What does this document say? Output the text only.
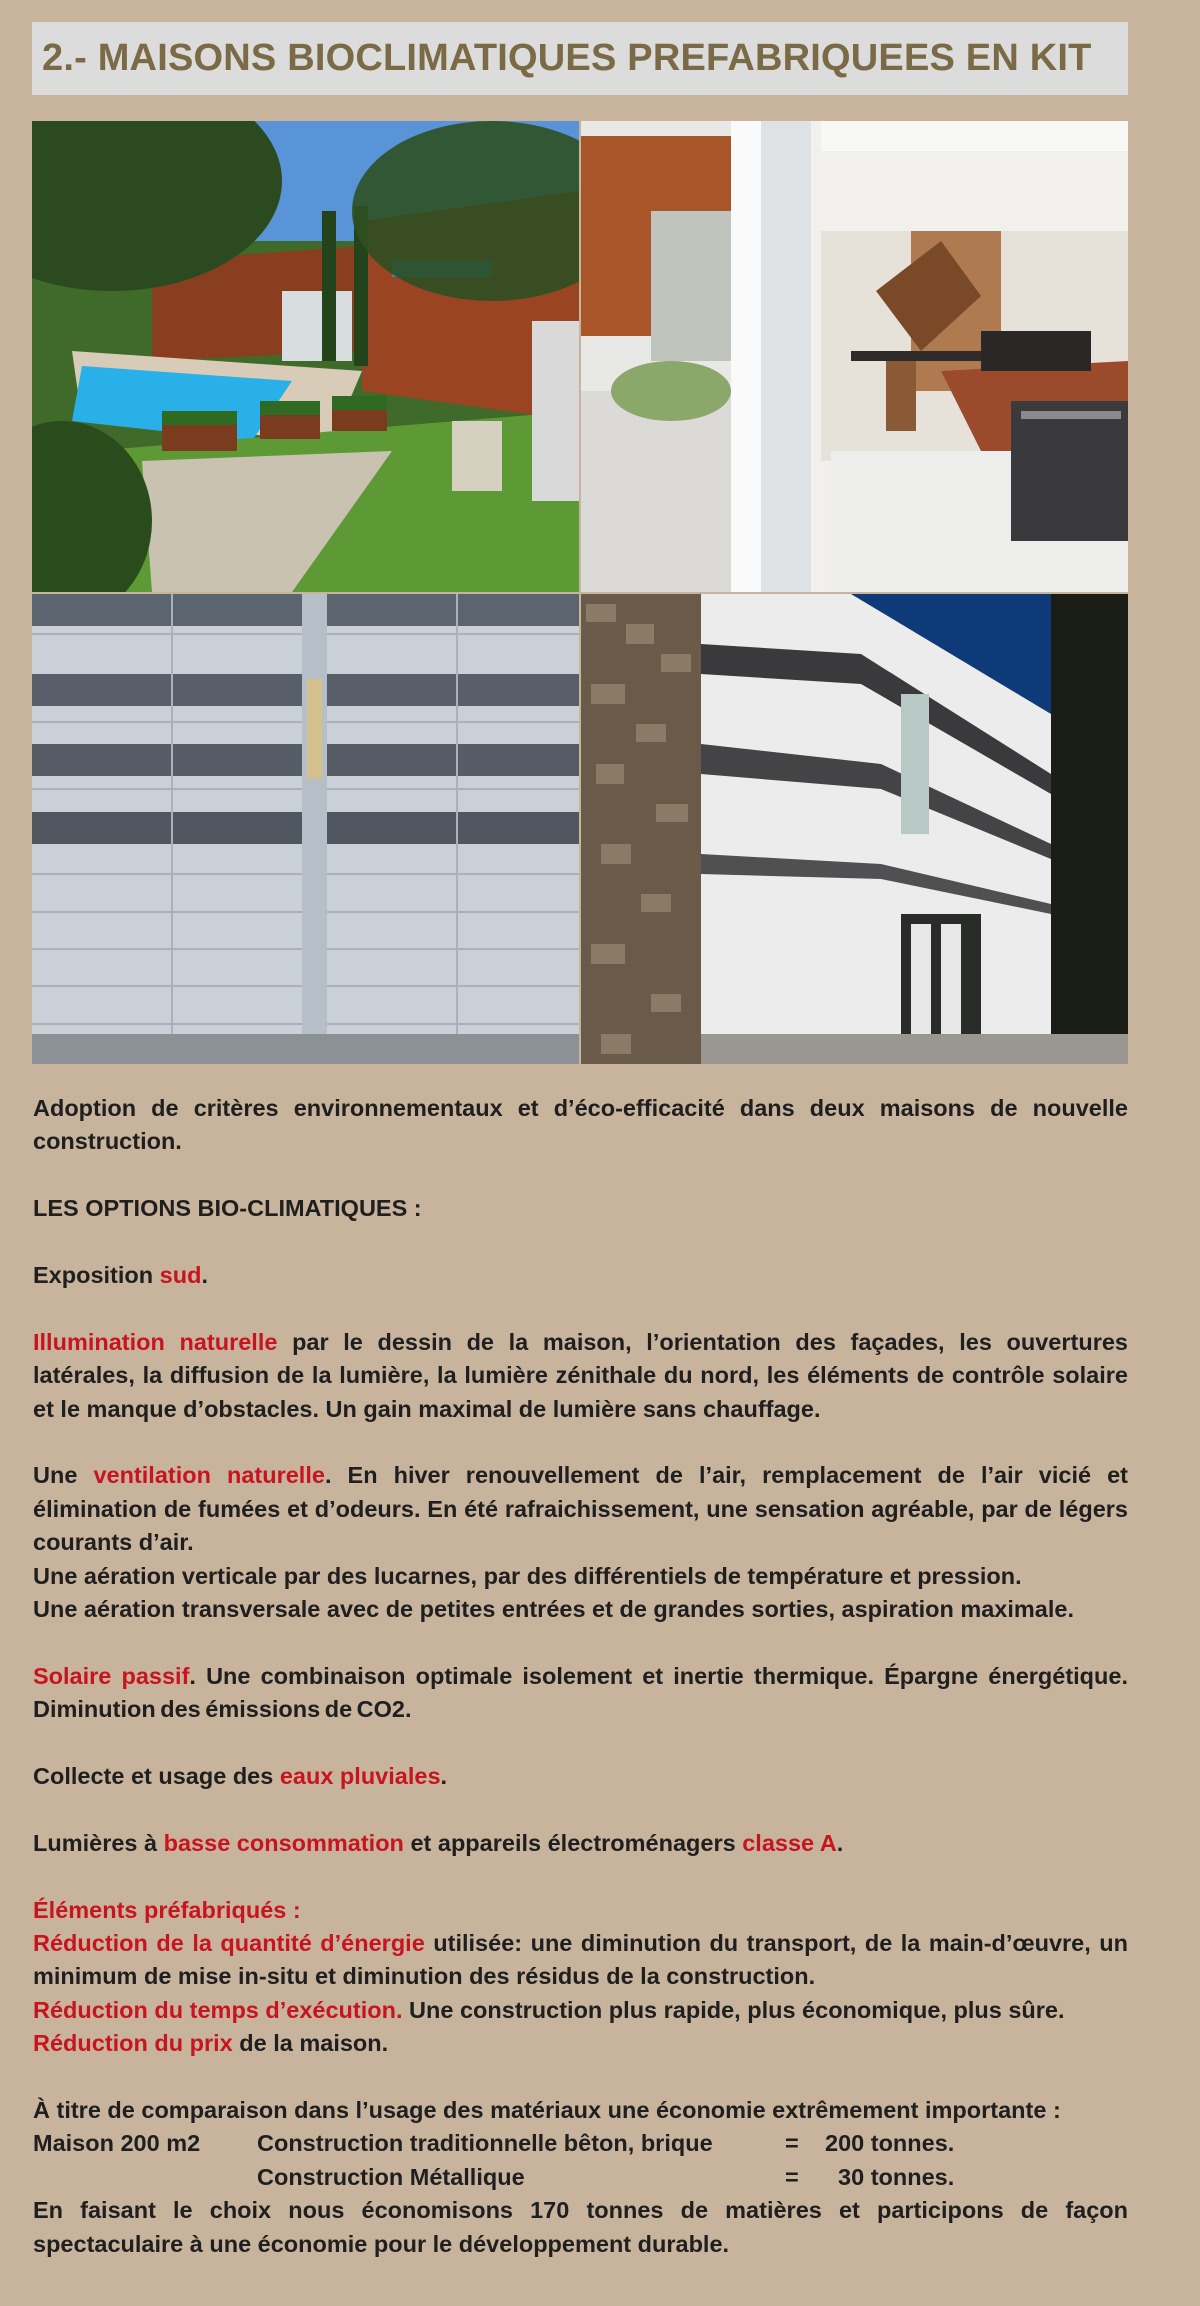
2.- MAISONS BIOCLIMATIQUES PREFABRIQUEES EN KIT

Adoption de critères environnementaux et d’éco-efficacité dans deux maisons de nouvelle construction.

LES OPTIONS BIO-CLIMATIQUES :

Exposition sud.

Illumination naturelle par le dessin de la maison, l’orientation des façades, les ouvertures latérales, la diffusion de la lumière, la lumière zénithale du nord, les éléments de contrôle solaire et le manque d’obstacles. Un gain maximal de lumière sans chauffage.

Une ventilation naturelle. En hiver renouvellement de l’air, remplacement de l’air vicié et élimination de fumées et d’odeurs. En été rafraichissement, une sensation agréable, par de légers courants d’air.

Une aération verticale par des lucarnes, par des différentiels de température et pression.

Une aération transversale avec de petites entrées et de grandes sorties, aspiration maximale.

Solaire passif. Une combinaison optimale isolement et inertie thermique. Épargne énergétique. Diminution des émissions de CO2.

Collecte et usage des eaux pluviales.

Lumières à basse consommation et appareils électroménagers classe A.

Éléments préfabriqués :

Réduction de la quantité d’énergie utilisée: une diminution du transport, de la main-d’œuvre, un minimum de mise in-situ et diminution des résidus de la construction.

Réduction du temps d’exécution. Une construction plus rapide, plus économique, plus sûre.

Réduction du prix de la maison.

À titre de comparaison dans l’usage des matériaux une économie extrêmement importante :

Maison 200 m2	Construction traditionnelle bêton, brique	=	200 tonnes.
Construction Métallique	=	30 tonnes.

En faisant le choix nous économisons 170 tonnes de matières et participons de façon spectaculaire à une économie pour le développement durable.
